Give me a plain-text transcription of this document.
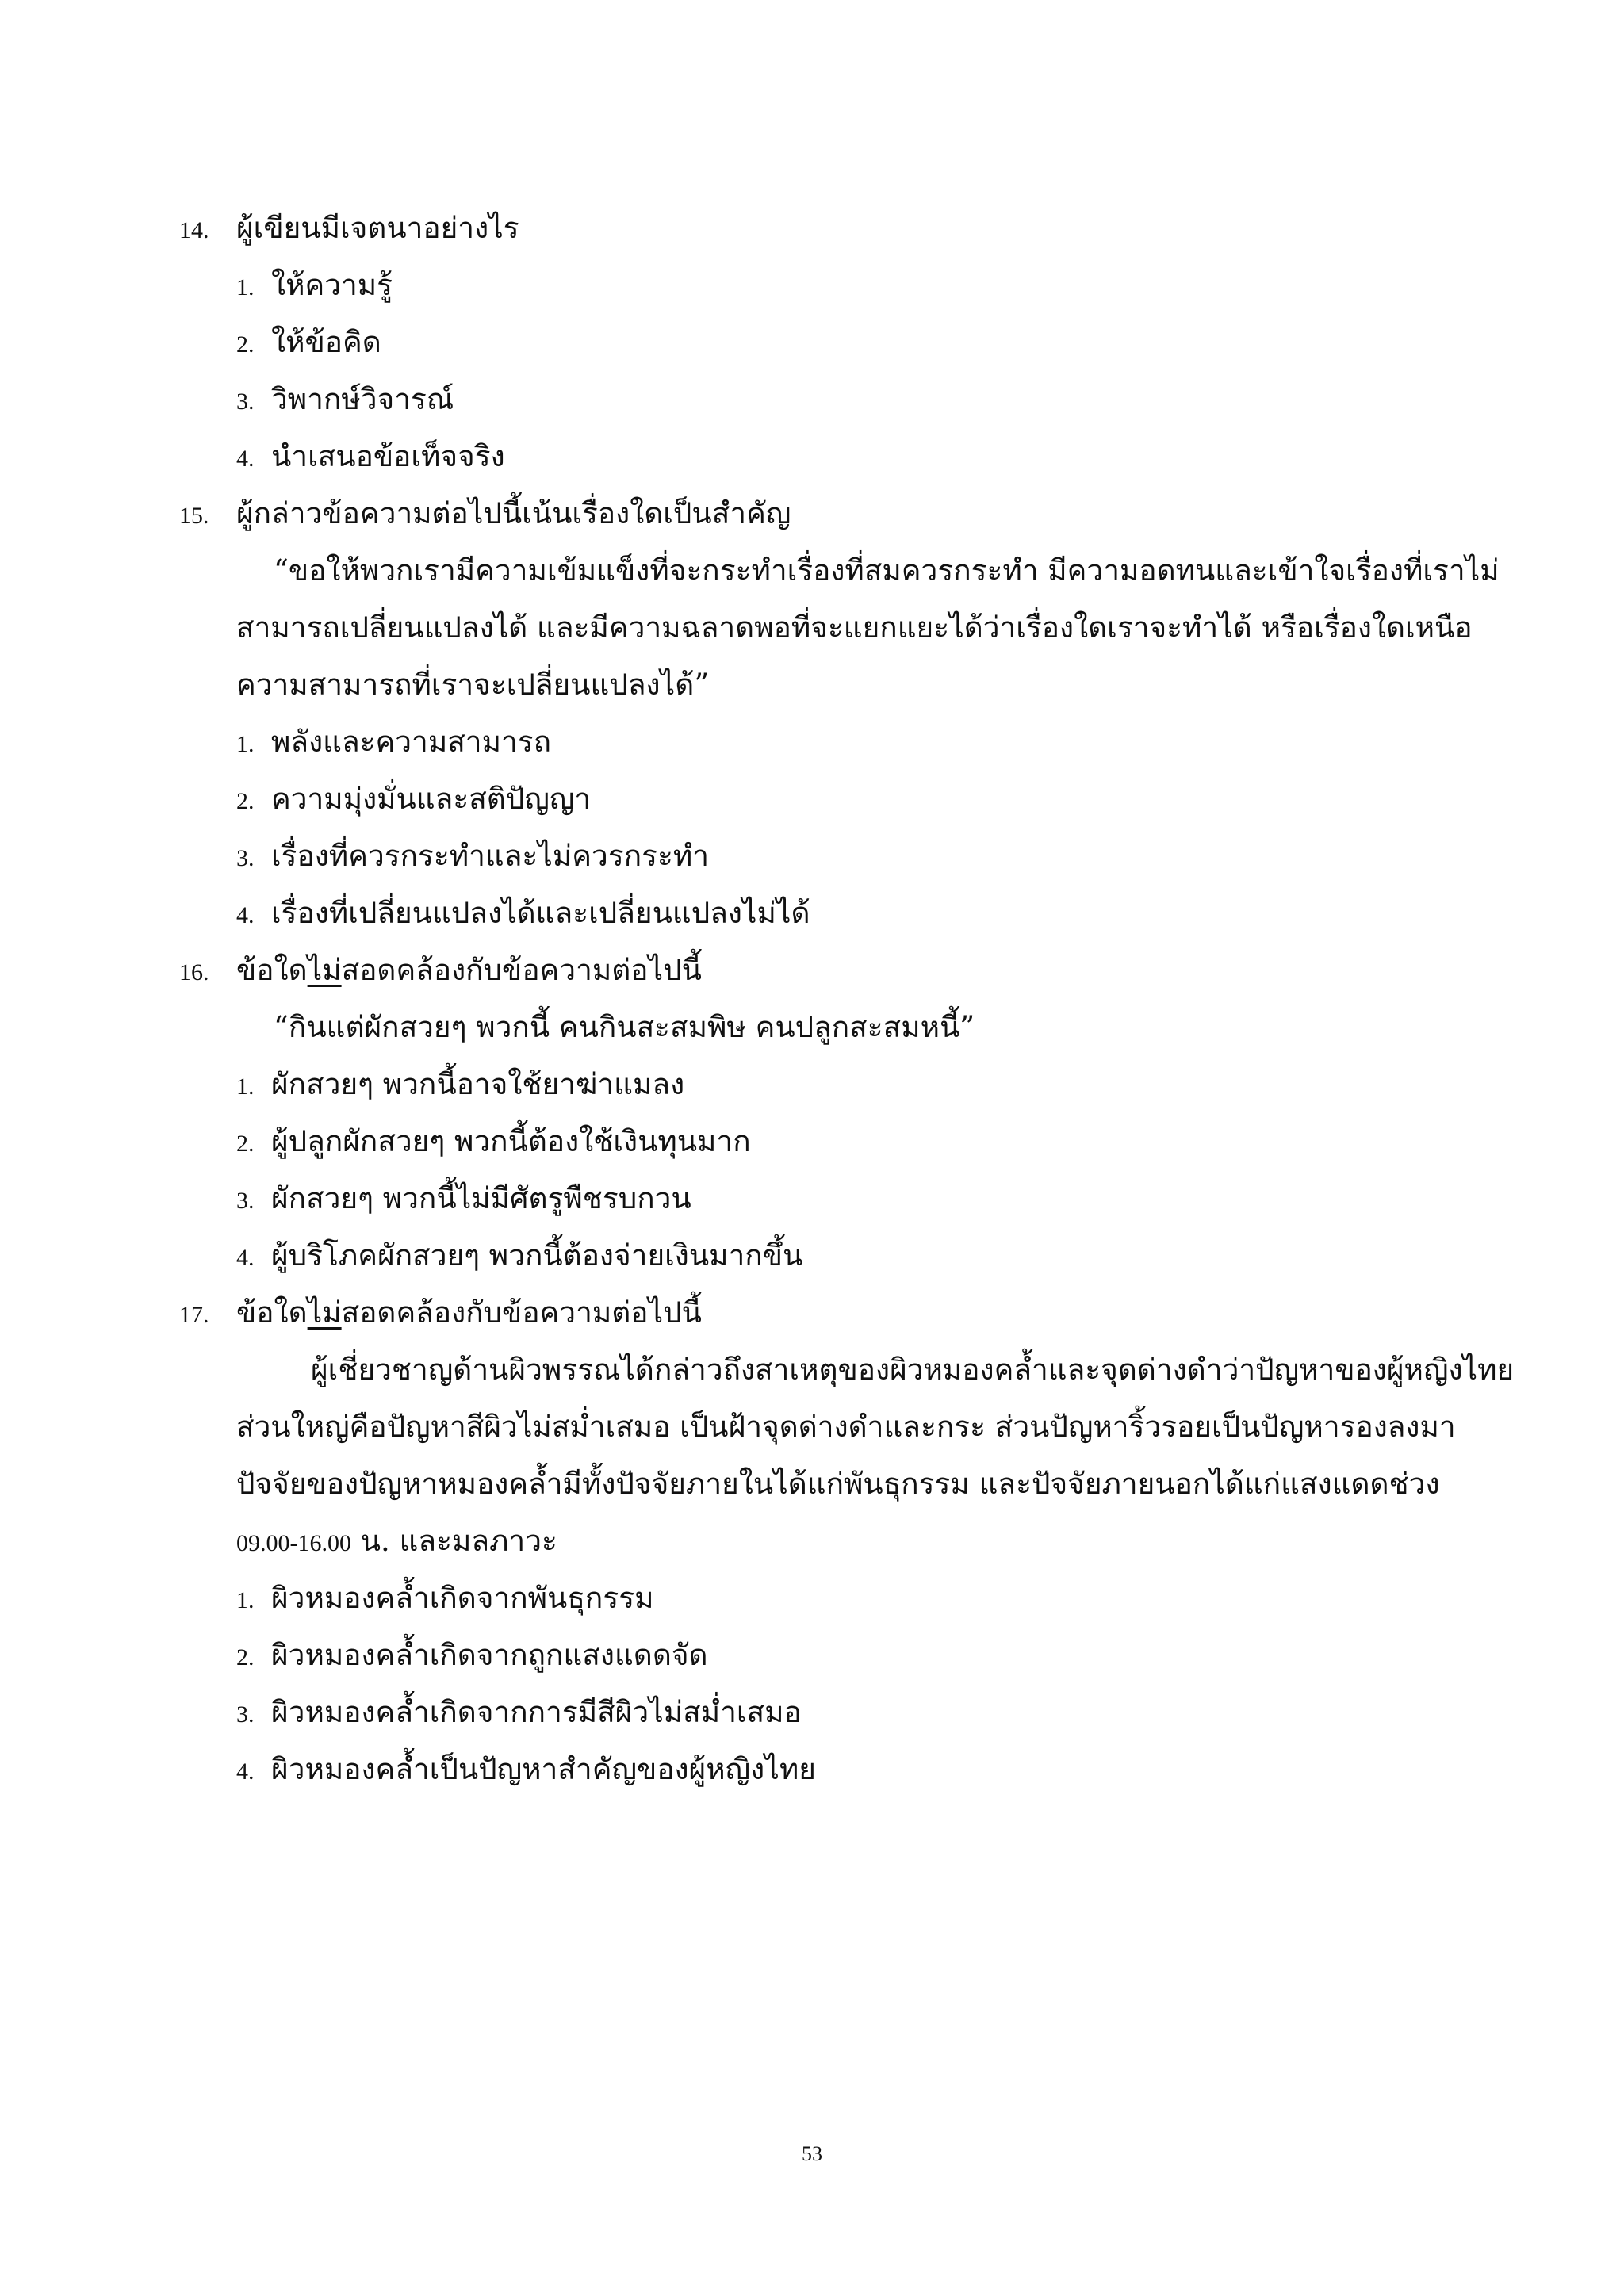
14. ผู้เขียนมีเจตนาอย่างไร
1. ให้ความรู้
2. ให้ข้อคิด
3. วิพากษ์วิจารณ์
4. นำเสนอข้อเท็จจริง
15. ผู้กล่าวข้อความต่อไปนี้เน้นเรื่องใดเป็นสำคัญ
“ขอให้พวกเรามีความเข้มแข็งที่จะกระทำเรื่องที่สมควรกระทำ มีความอดทนและเข้าใจเรื่องที่เราไม่
สามารถเปลี่ยนแปลงได้ และมีความฉลาดพอที่จะแยกแยะได้ว่าเรื่องใดเราจะทำได้ หรือเรื่องใดเหนือ
ความสามารถที่เราจะเปลี่ยนแปลงได้”
1. พลังและความสามารถ
2. ความมุ่งมั่นและสติปัญญา
3. เรื่องที่ควรกระทำและไม่ควรกระทำ
4. เรื่องที่เปลี่ยนแปลงได้และเปลี่ยนแปลงไม่ได้
16. ข้อใดไม่สอดคล้องกับข้อความต่อไปนี้
“กินแต่ผักสวยๆ พวกนี้ คนกินสะสมพิษ คนปลูกสะสมหนี้”
1. ผักสวยๆ พวกนี้อาจใช้ยาฆ่าแมลง
2. ผู้ปลูกผักสวยๆ พวกนี้ต้องใช้เงินทุนมาก
3. ผักสวยๆ พวกนี้ไม่มีศัตรูพืชรบกวน
4. ผู้บริโภคผักสวยๆ พวกนี้ต้องจ่ายเงินมากขึ้น
17. ข้อใดไม่สอดคล้องกับข้อความต่อไปนี้
ผู้เชี่ยวชาญด้านผิวพรรณได้กล่าวถึงสาเหตุของผิวหมองคล้ำและจุดด่างดำว่าปัญหาของผู้หญิงไทย
ส่วนใหญ่คือปัญหาสีผิวไม่สม่ำเสมอ เป็นฝ้าจุดด่างดำและกระ ส่วนปัญหาริ้วรอยเป็นปัญหารองลงมา
ปัจจัยของปัญหาหมองคล้ำมีทั้งปัจจัยภายในได้แก่พันธุกรรม และปัจจัยภายนอกได้แก่แสงแดดช่วง
09.00-16.00 น. และมลภาวะ
1. ผิวหมองคล้ำเกิดจากพันธุกรรม
2. ผิวหมองคล้ำเกิดจากถูกแสงแดดจัด
3. ผิวหมองคล้ำเกิดจากการมีสีผิวไม่สม่ำเสมอ
4. ผิวหมองคล้ำเป็นปัญหาสำคัญของผู้หญิงไทย
53
